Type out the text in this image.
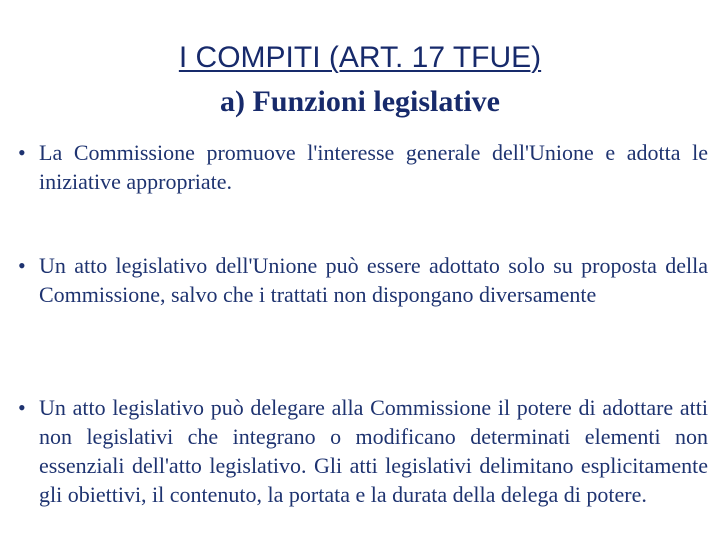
I COMPITI (ART. 17 TFUE)
a) Funzioni legislative
• La Commissione promuove l'interesse generale dell'Unione e adotta le iniziative appropriate.
• Un atto legislativo dell'Unione può essere adottato solo su proposta della Commissione, salvo che i trattati non dispongano diversamente
• Un atto legislativo può delegare alla Commissione il potere di adottare atti non legislativi che integrano o modificano determinati elementi non essenziali dell'atto legislativo. Gli atti legislativi delimitano esplicitamente gli obiettivi, il contenuto, la portata e la durata della delega di potere.
